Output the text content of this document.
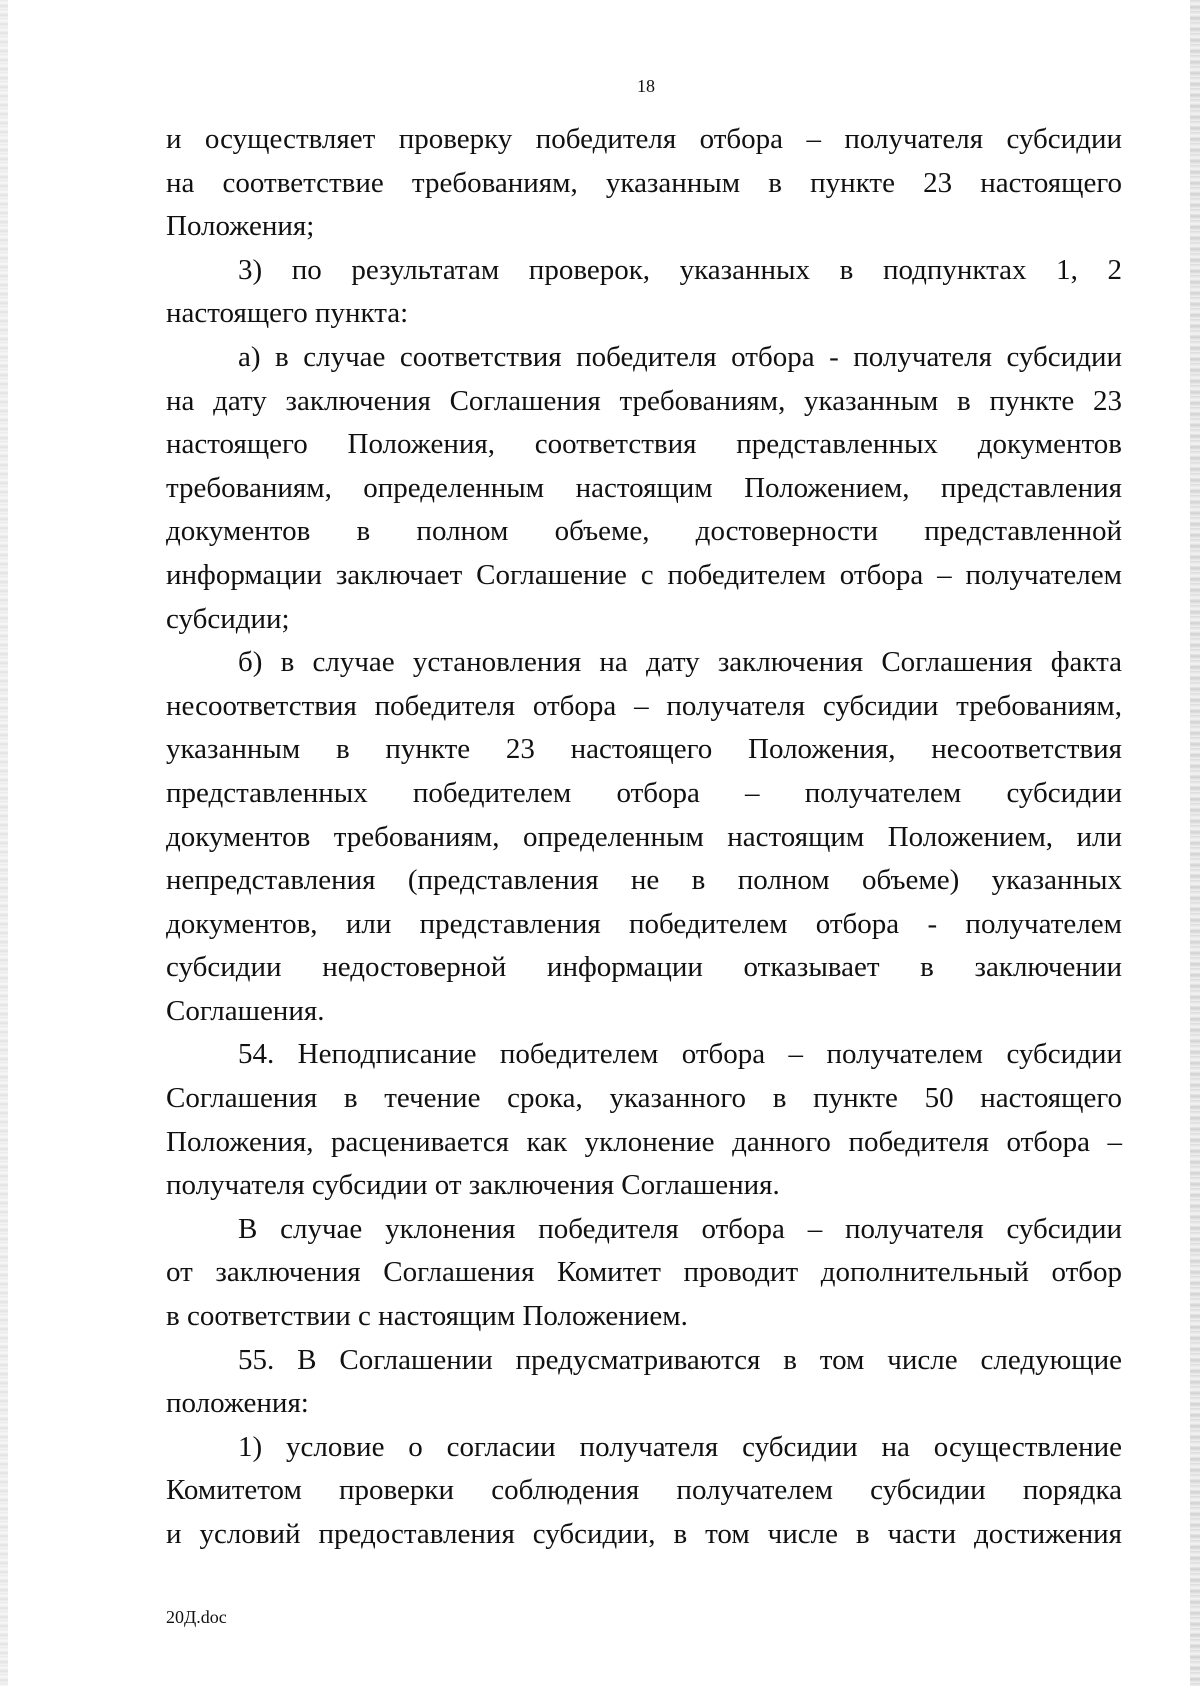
18
и осуществляет проверку победителя отбора – получателя субсидии
на соответствие требованиям, указанным в пункте 23 настоящего
Положения;
3) по результатам проверок, указанных в подпунктах 1, 2
настоящего пункта:
а) в случае соответствия победителя отбора - получателя субсидии
на дату заключения Соглашения требованиям, указанным в пункте 23
настоящего Положения, соответствия представленных документов
требованиям, определенным настоящим Положением, представления
документов в полном объеме, достоверности представленной
информации заключает Соглашение с победителем отбора – получателем
субсидии;
б) в случае установления на дату заключения Соглашения факта
несоответствия победителя отбора – получателя субсидии требованиям,
указанным в пункте 23 настоящего Положения, несоответствия
представленных победителем отбора – получателем субсидии
документов требованиям, определенным настоящим Положением, или
непредставления (представления не в полном объеме) указанных
документов, или представления победителем отбора - получателем
субсидии недостоверной информации отказывает в заключении
Соглашения.
54. Неподписание победителем отбора – получателем субсидии
Соглашения в течение срока, указанного в пункте 50 настоящего
Положения, расценивается как уклонение данного победителя отбора –
получателя субсидии от заключения Соглашения.
В случае уклонения победителя отбора – получателя субсидии
от заключения Соглашения Комитет проводит дополнительный отбор
в соответствии с настоящим Положением.
55. В Соглашении предусматриваются в том числе следующие
положения:
1) условие о согласии получателя субсидии на осуществление
Комитетом проверки соблюдения получателем субсидии порядка
и условий предоставления субсидии, в том числе в части достижения
20Д.doc
